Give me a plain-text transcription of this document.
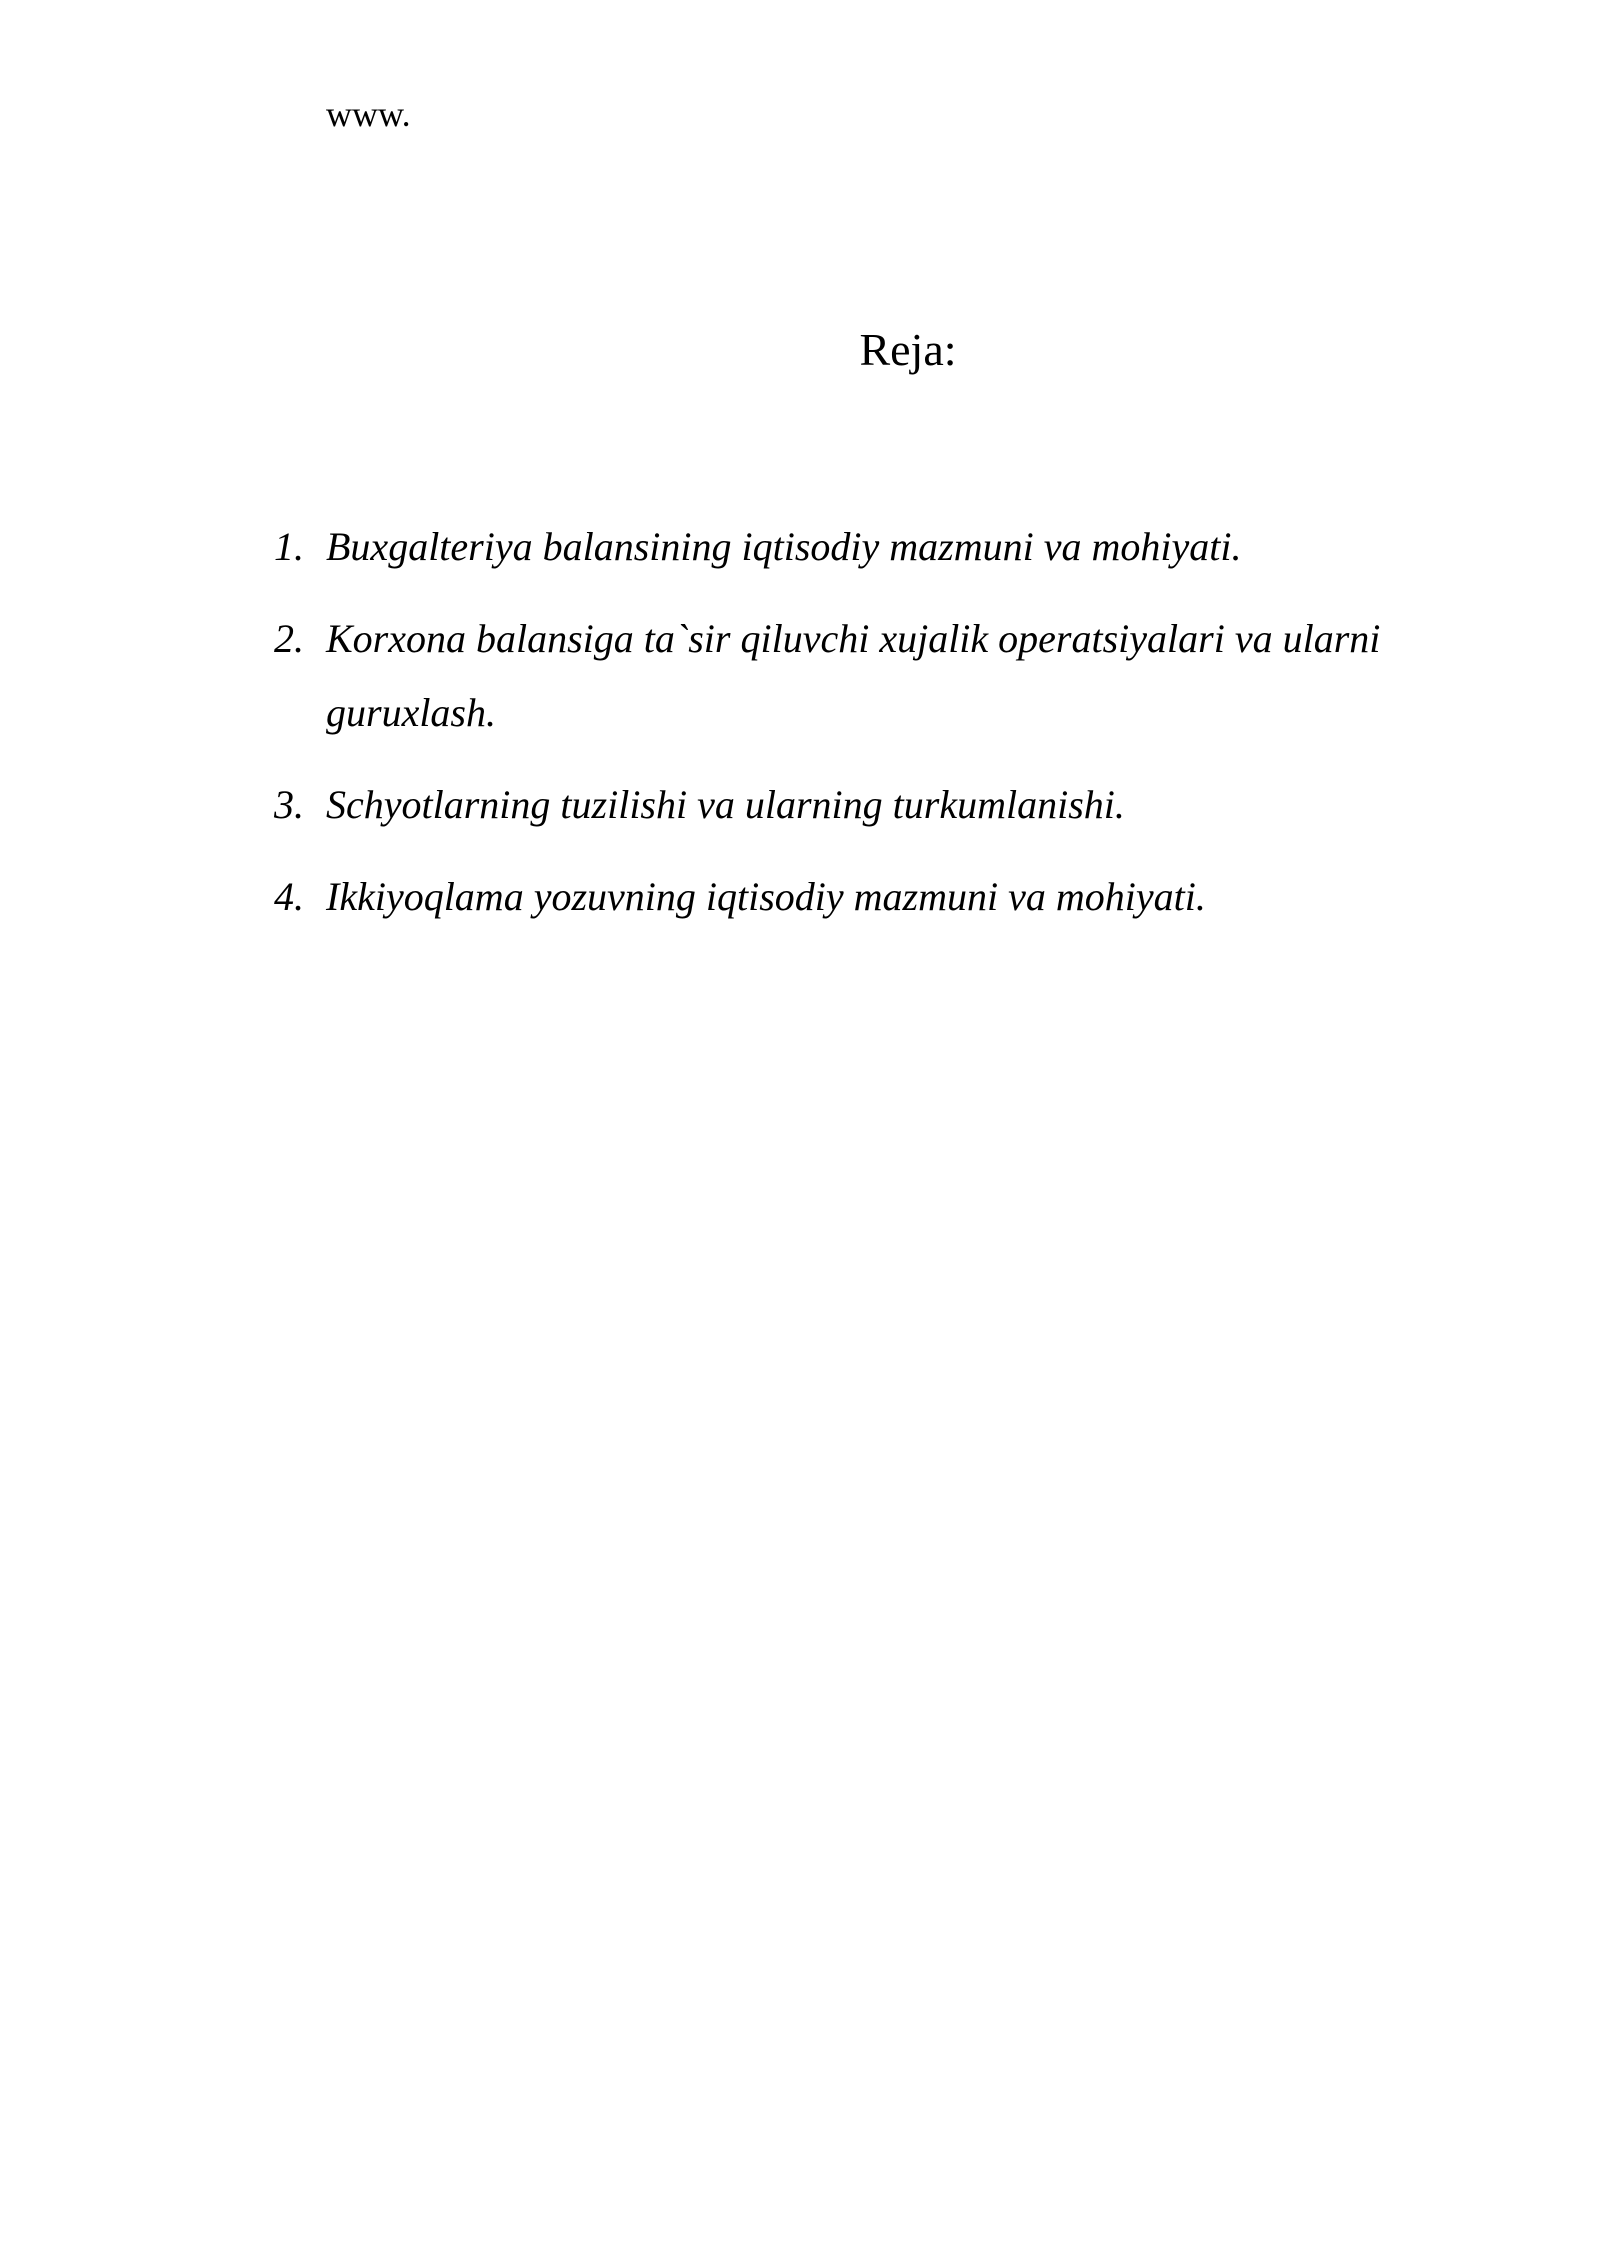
www.
Reja:
1. Buxgalteriya balansining iqtisodiy mazmuni va mohiyati.
2. Korxona balansiga ta`sir qiluvchi xujalik operatsiyalari va ularni guruxlash.
3. Schyotlarning tuzilishi va ularning turkumlanishi.
4. Ikkiyoqlama yozuvning iqtisodiy mazmuni va mohiyati.
